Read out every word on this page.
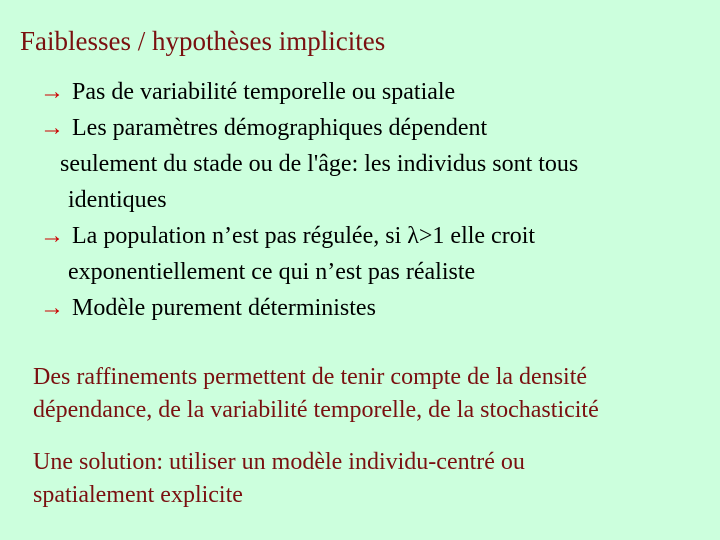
Faiblesses / hypothèses implicites
→ Pas de variabilité temporelle ou spatiale
→ Les paramètres démographiques dépendent
seulement du stade ou de l'âge: les individus sont tous
identiques
→ La population n’est pas régulée, si λ>1 elle croit
exponentiellement ce qui n’est pas réaliste
→ Modèle purement déterministes
Des raffinements permettent de tenir compte de la densité
dépendance, de la variabilité temporelle, de la stochasticité
Une solution: utiliser un modèle individu-centré ou
spatialement explicite
